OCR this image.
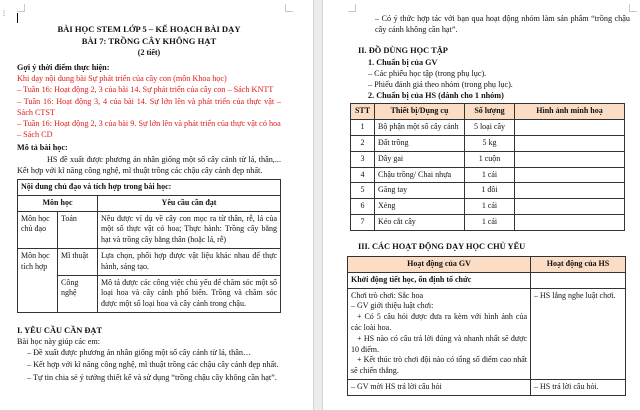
⋮
BÀI HỌC STEM LỚP 5 – KẾ HOẠCH BÀI DẠY
BÀI 7: TRỒNG CÂY KHÔNG HẠT
(2 tiết)
Gợi ý thời điểm thực hiện:
Khi dạy nội dung bài Sự phát triển của cây con (môn Khoa học)
– Tuần 16: Hoạt động 2, 3 của bài 14. Sự phát triển của cây con – Sách KNTT
– Tuần 16: Hoạt động 3, 4 của bài 14. Sự lớn lên và phát triển của thực vật – Sách CTST
– Tuần 16: Hoạt động 2, 3 của bài 9. Sự lớn lên và phát triển của thực vật có hoa – Sách CD
Mô tả bài học:
HS đề xuất được phương án nhân giống một số cây cảnh từ lá, thân,... Kết hợp với kĩ năng công nghệ, mĩ thuật trồng các chậu cây cảnh đẹp nhất.
Nội dung chủ đạo và tích hợp trong bài học:		
Môn học		Yêu cầu cần đạt
Môn học chủ đạo	Toán	Nêu được ví dụ về cây con mọc ra từ thân, rễ, lá của một số thực vật có hoa; Thực hành: Trồng cây bằng hạt và trồng cây bằng thân (hoặc lá, rễ)
Môn học tích hợp	Mĩ thuật	Lựa chọn, phối hợp được vật liệu khác nhau để thực hành, sáng tạo.
	Công nghệ	Mô tả được các công việc chủ yếu để chăm sóc một số loại hoa và cây cảnh phổ biến. Trồng và chăm sóc được một số loại hoa và cây cảnh trong chậu.
I. YÊU CẦU CẦN ĐẠT
Bài học này giúp các em:
– Đề xuất được phương án nhân giống một số cây cảnh từ lá, thân…
– Kết hợp với kĩ năng công nghệ, mĩ thuật trồng các chậu cây cảnh đẹp nhất.
– Tự tin chia sẻ ý tưởng thiết kế và sử dụng “trồng chậu cây không cần hạt”.
– Có ý thức hợp tác với bạn qua hoạt động nhóm làm sản phẩm “trồng chậu cây cảnh không cần hạt”.
II. ĐỒ DÙNG HỌC TẬP
1. Chuẩn bị của GV
– Các phiếu học tập (trong phụ lục).
– Phiếu đánh giá theo nhóm (trong phụ lục).
2. Chuẩn bị của HS (dành cho 1 nhóm)
STT	Thiết bị/Dụng cụ	Số lượng	Hình ảnh minh hoạ
1	Bộ phận một số cây cảnh	5 loại cây	
2	Đất trồng	5 kg	
3	Dây gai	1 cuộn	
4	Chậu trồng/ Chai nhựa	1 cái	
5	Găng tay	1 đôi	
6	Xẻng	1 cái	
7	Kéo cắt cây	1 cái	
III. CÁC HOẠT ĐỘNG DẠY HỌC CHỦ YẾU
Hoạt động của GV	Hoạt động của HS
Khởi động tiết học, ổn định tổ chức	

Chơi trò chơi: Sắc hoa
– GV giới thiệu luật chơi:
+ Có 5 câu hỏi được đưa ra kèm với hình ảnh của các loài hoa.
+ HS nào có câu trả lời đúng và nhanh nhất sẽ được 10 điểm.
+ Kết thúc trò chơi đội nào có tổng số điểm cao nhất sẽ chiến thắng.	– HS lắng nghe luật chơi.
– GV mời HS trả lời câu hỏi	– HS trả lời câu hỏi.
